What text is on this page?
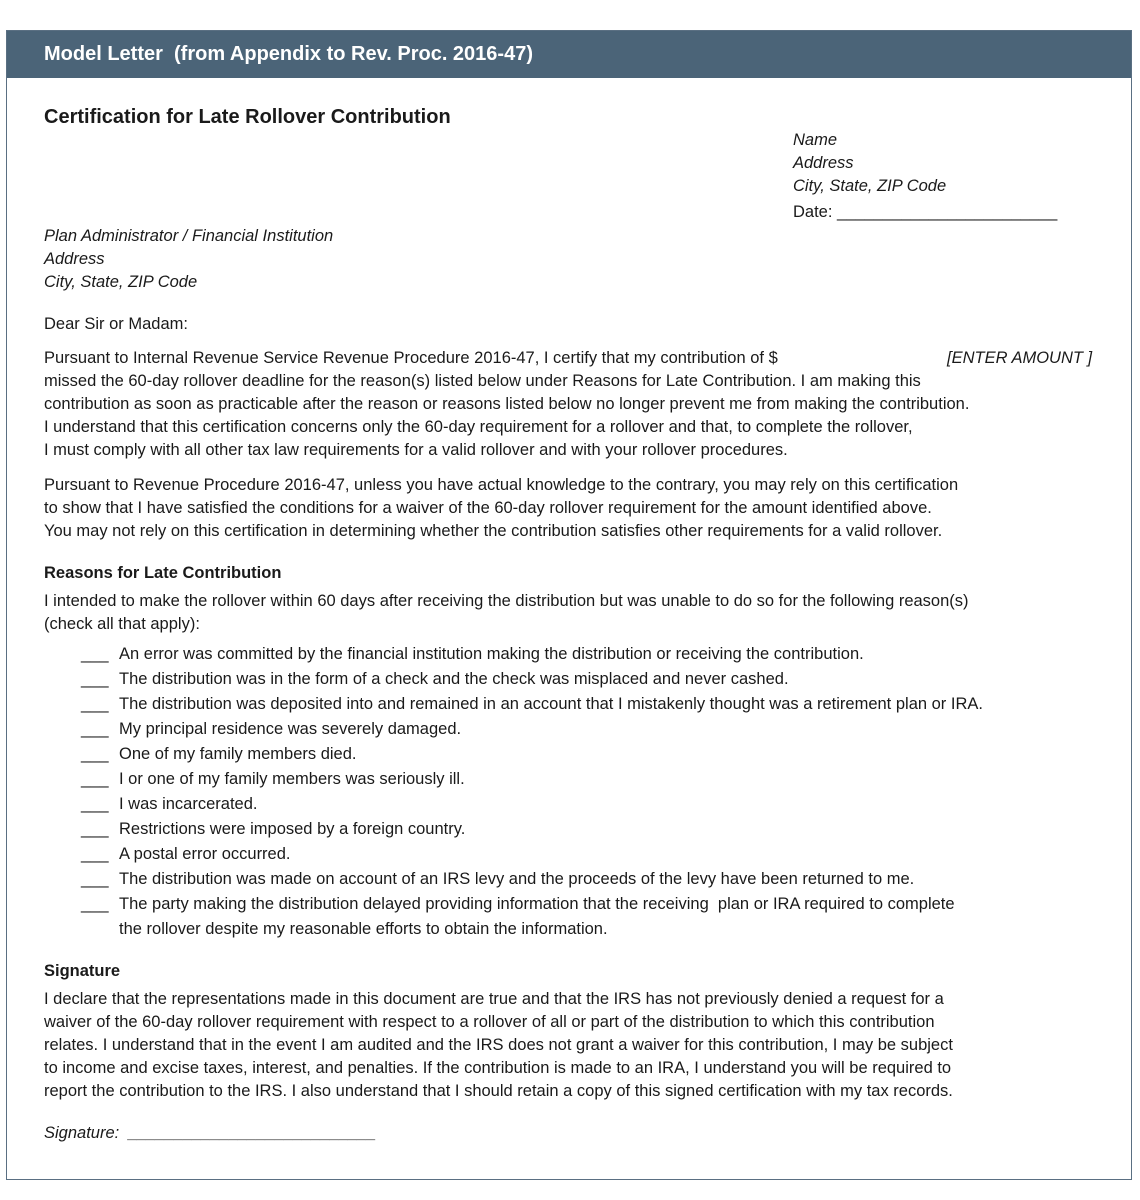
Model Letter  (from Appendix to Rev. Proc. 2016-47)
Certification for Late Rollover Contribution
Name
Address
City, State, ZIP Code
Date: ________________________
Plan Administrator / Financial Institution
Address
City, State, ZIP Code
Dear Sir or Madam:

Pursuant to Internal Revenue Service Revenue Procedure 2016-47, I certify that my contribution of $	[ENTER AMOUNT ]

missed the 60-day rollover deadline for the reason(s) listed below under Reasons for Late Contribution. I am making this

contribution as soon as practicable after the reason or reasons listed below no longer prevent me from making the contribution.

I understand that this certification concerns only the 60-day requirement for a rollover and that, to complete the rollover,

I must comply with all other tax law requirements for a valid rollover and with your rollover procedures.

Pursuant to Revenue Procedure 2016-47, unless you have actual knowledge to the contrary, you may rely on this certification

to show that I have satisfied the conditions for a waiver of the 60-day rollover requirement for the amount identified above.

You may not rely on this certification in determining whether the contribution satisfies other requirements for a valid rollover.

Reasons for Late Contribution

I intended to make the rollover within 60 days after receiving the distribution but was unable to do so for the following reason(s)

(check all that apply):

___ An error was committed by the financial institution making the distribution or receiving the contribution.
___ The distribution was in the form of a check and the check was misplaced and never cashed.
___ The distribution was deposited into and remained in an account that I mistakenly thought was a retirement plan or IRA.
___ My principal residence was severely damaged.
___ One of my family members died.
___ I or one of my family members was seriously ill.
___ I was incarcerated.
___ Restrictions were imposed by a foreign country.
___ A postal error occurred.
___ The distribution was made on account of an IRS levy and the proceeds of the levy have been returned to me.
___ The party making the distribution delayed providing information that the receiving  plan or IRA required to complete
the rollover despite my reasonable efforts to obtain the information.
Signature

I declare that the representations made in this document are true and that the IRS has not previously denied a request for a

waiver of the 60-day rollover requirement with respect to a rollover of all or part of the distribution to which this contribution

relates. I understand that in the event I am audited and the IRS does not grant a waiver for this contribution, I may be subject

to income and excise taxes, interest, and penalties. If the contribution is made to an IRA, I understand you will be required to

report the contribution to the IRS. I also understand that I should retain a copy of this signed certification with my tax records.

Signature:  ___________________________
